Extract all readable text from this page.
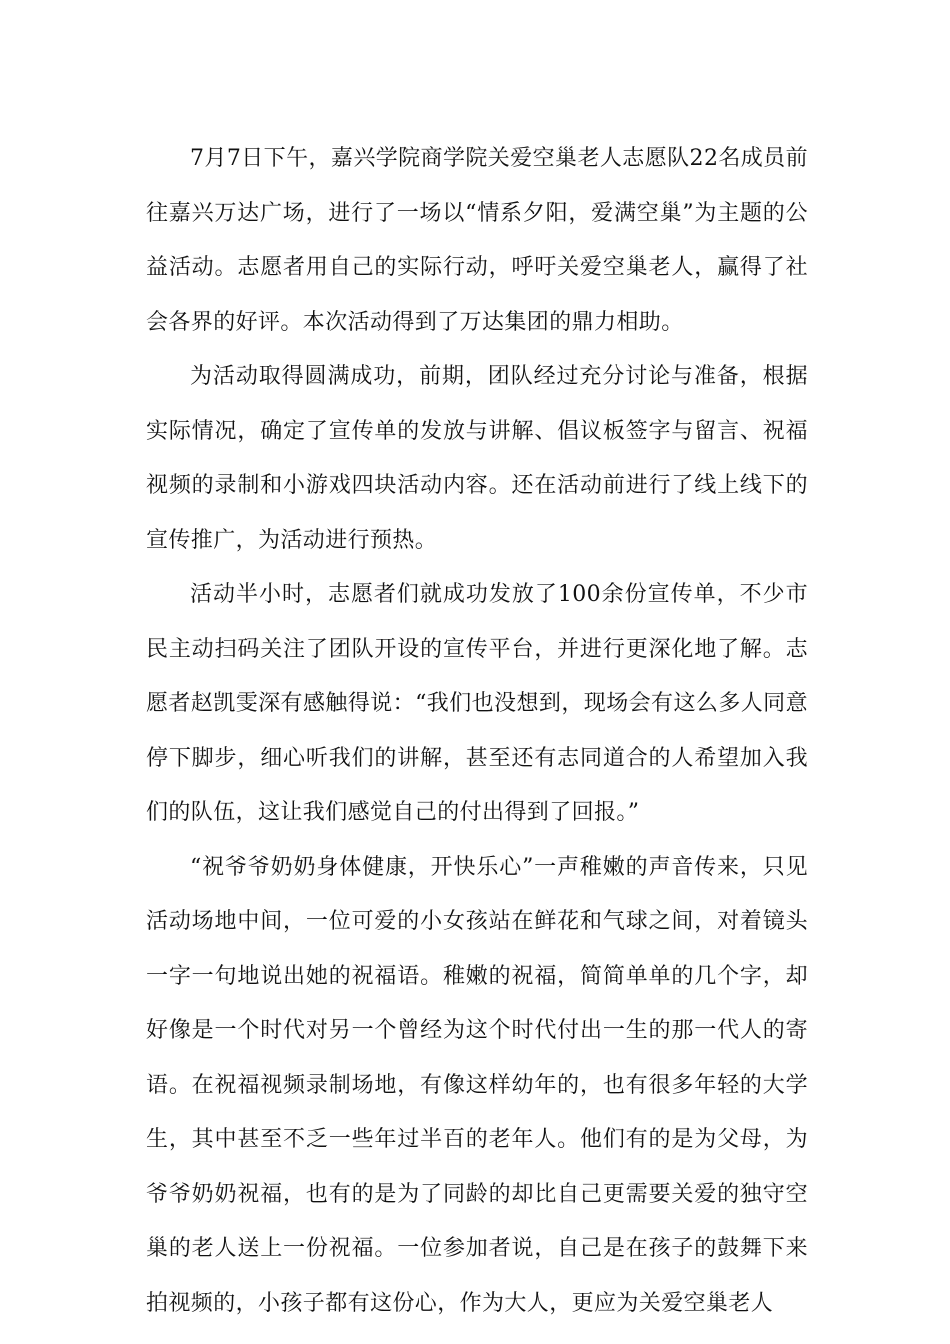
7月7日下午，嘉兴学院商学院关爱空巢老人志愿队22名成员前往嘉兴万达广场，进行了一场以“情系夕阳，爱满空巢”为主题的公益活动。志愿者用自己的实际行动，呼吁关爱空巢老人，赢得了社会各界的好评。本次活动得到了万达集团的鼎力相助。

为活动取得圆满成功，前期，团队经过充分讨论与准备，根据实际情况，确定了宣传单的发放与讲解、倡议板签字与留言、祝福视频的录制和小游戏四块活动内容。还在活动前进行了线上线下的宣传推广，为活动进行预热。

活动半小时，志愿者们就成功发放了100余份宣传单，不少市民主动扫码关注了团队开设的宣传平台，并进行更深化地了解。志愿者赵凯雯深有感触得说：“我们也没想到，现场会有这么多人同意停下脚步，细心听我们的讲解，甚至还有志同道合的人希望加入我们的队伍，这让我们感觉自己的付出得到了回报。”

“祝爷爷奶奶身体健康，开快乐心”一声稚嫩的声音传来，只见活动场地中间，一位可爱的小女孩站在鲜花和气球之间，对着镜头一字一句地说出她的祝福语。稚嫩的祝福，简简单单的几个字，却好像是一个时代对另一个曾经为这个时代付出一生的那一代人的寄语。在祝福视频录制场地，有像这样幼年的，也有很多年轻的大学生，其中甚至不乏一些年过半百的老年人。他们有的是为父母，为爷爷奶奶祝福，也有的是为了同龄的却比自己更需要关爱的独守空巢的老人送上一份祝福。一位参加者说，自己是在孩子的鼓舞下来拍视频的，小孩子都有这份心，作为大人，更应为关爱空巢老人
